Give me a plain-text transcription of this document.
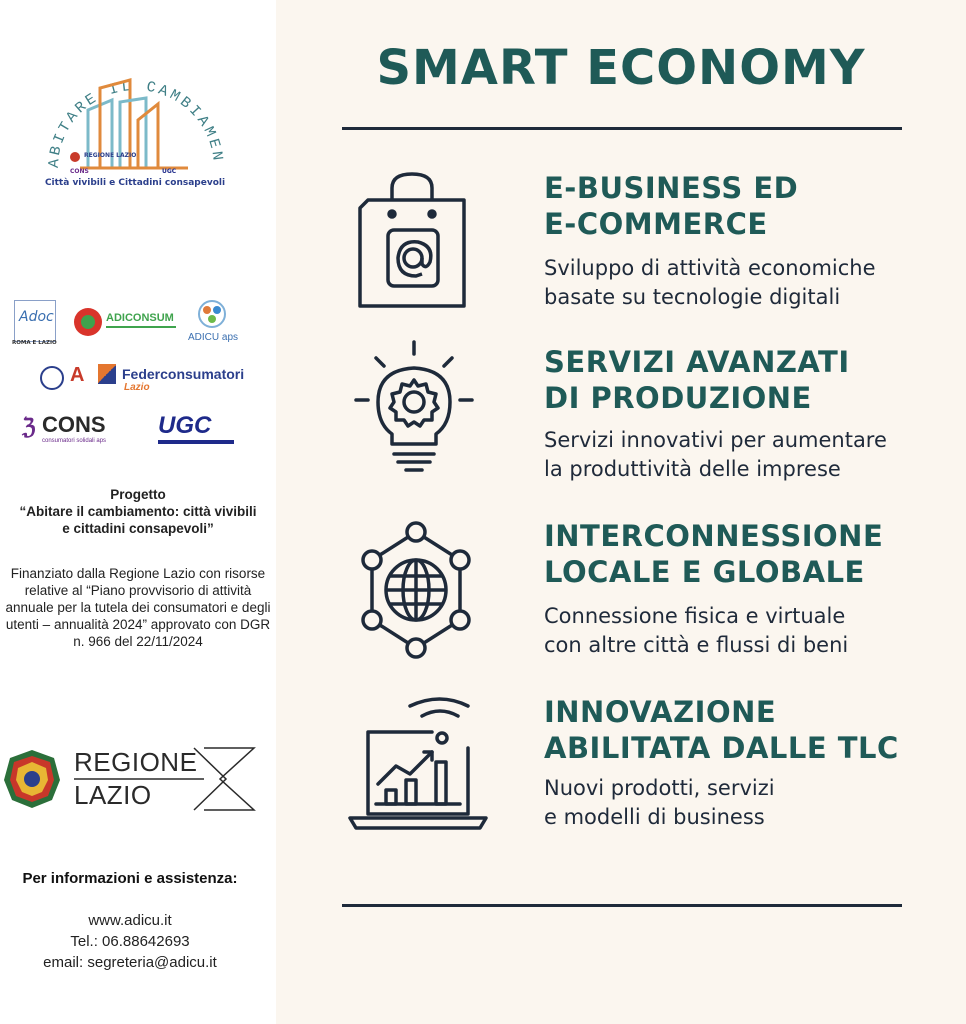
ABITARE IL CAMBIAMEN
Città vivibili e Cittadini consapevoli
REGIONE LAZIO
CONS	UGC
Adoc
ROMA E LAZIO
ADICONSUM
ADICU aps
A	Federconsumatori
Lazio
ℨ CONS
consumatori solidali aps
UGC
Progetto
“Abitare il cambiamento: città vivibili e cittadini consapevoli”
Finanziato dalla Regione Lazio con risorse relative al “Piano provvisorio di attività annuale per la tutela dei consumatori e degli utenti – annualità 2024” approvato con DGR n. 966 del 22/11/2024
REGIONE
LAZIO
Per informazioni e assistenza:
www.adicu.it
Tel.: 06.88642693
email: segreteria@adicu.it
SMART ECONOMY
E-BUSINESS ED
E-COMMERCE
Sviluppo di attività economiche
basate su tecnologie digitali
SERVIZI AVANZATI
DI PRODUZIONE
Servizi innovativi per aumentare
la produttività delle imprese
INTERCONNESSIONE
LOCALE E GLOBALE
Connessione fisica e virtuale
con altre città e flussi di beni
INNOVAZIONE
ABILITATA DALLE TLC
Nuovi prodotti, servizi
e modelli di business
